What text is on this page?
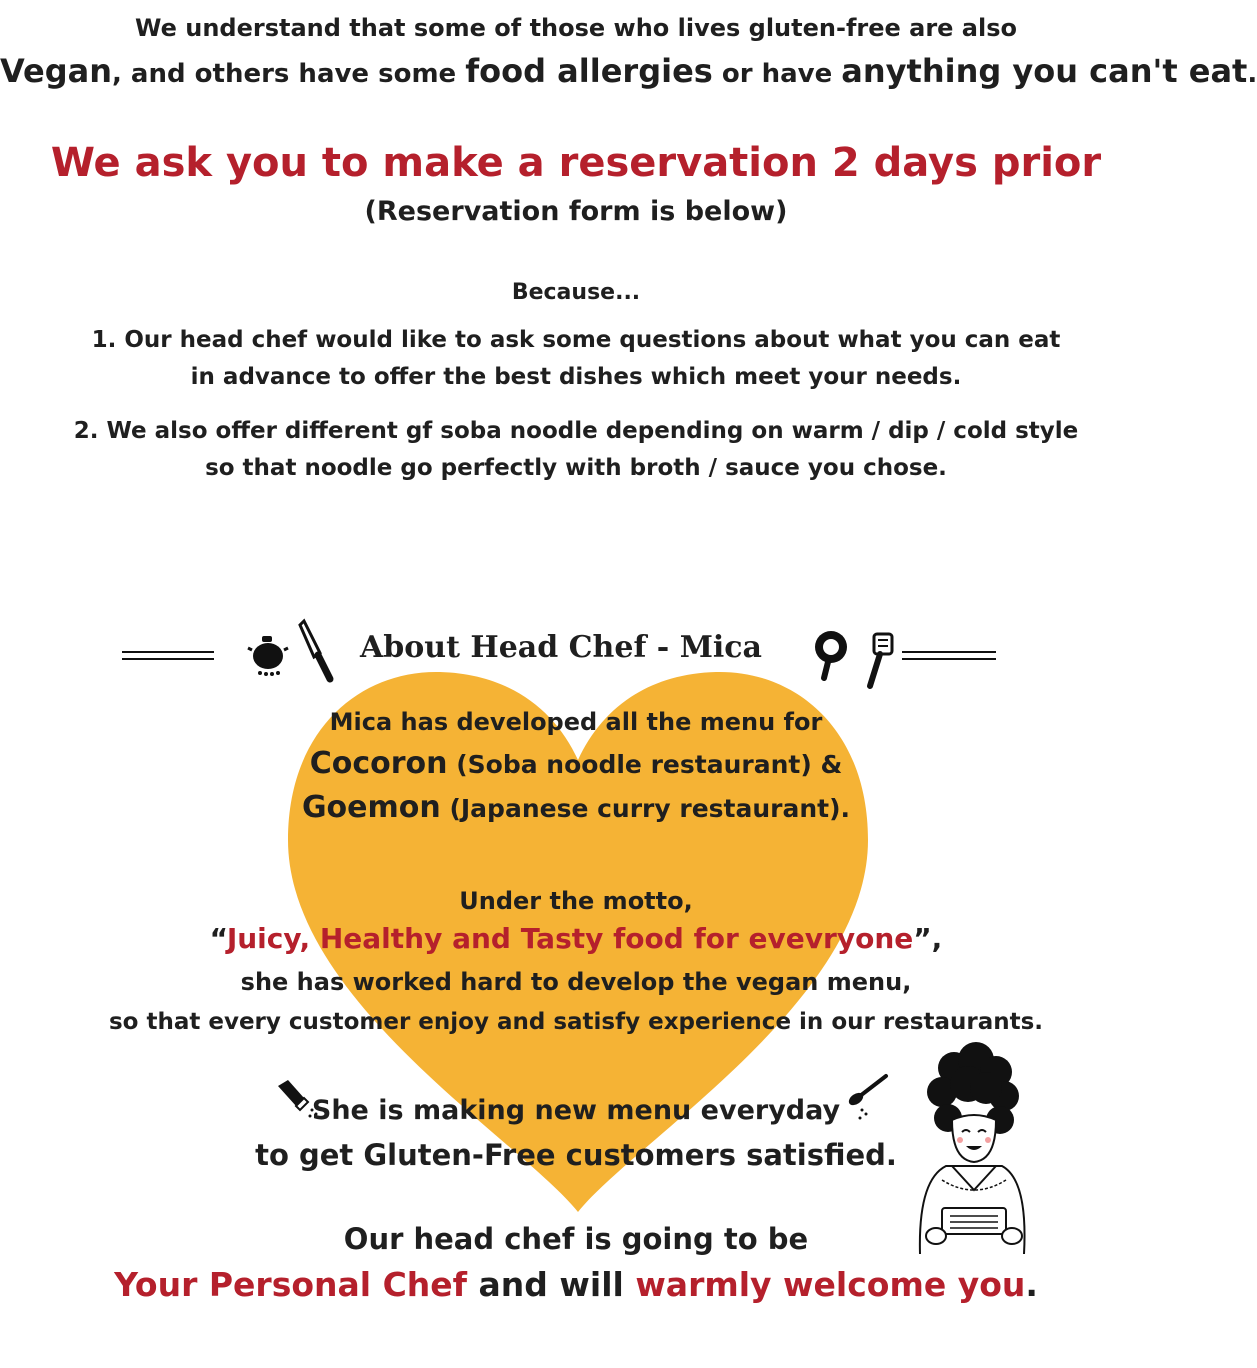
We understand that some of those who lives gluten-free are also
Vegan, and others have some food allergies or have anything you can't eat.
We ask you to make a reservation 2 days prior
(Reservation form is below)
Because...
1. Our head chef would like to ask some questions about what you can eat
in advance to offer the best dishes which meet your needs.
2. We also offer different gf soba noodle depending on warm / dip / cold style
so that noodle go perfectly with broth / sauce you chose.
About Head Chef - Mica
Mica has developed all the menu for
Cocoron (Soba noodle restaurant) &
Goemon (Japanese curry restaurant).
Under the motto,
“Juicy, Healthy and Tasty food for evevryone”,
she has worked hard to develop the vegan menu,
so that every customer enjoy and satisfy experience in our restaurants.
She is making new menu everyday
to get Gluten-Free customers satisfied.
Our head chef is going to be
Your Personal Chef and will warmly welcome you.
